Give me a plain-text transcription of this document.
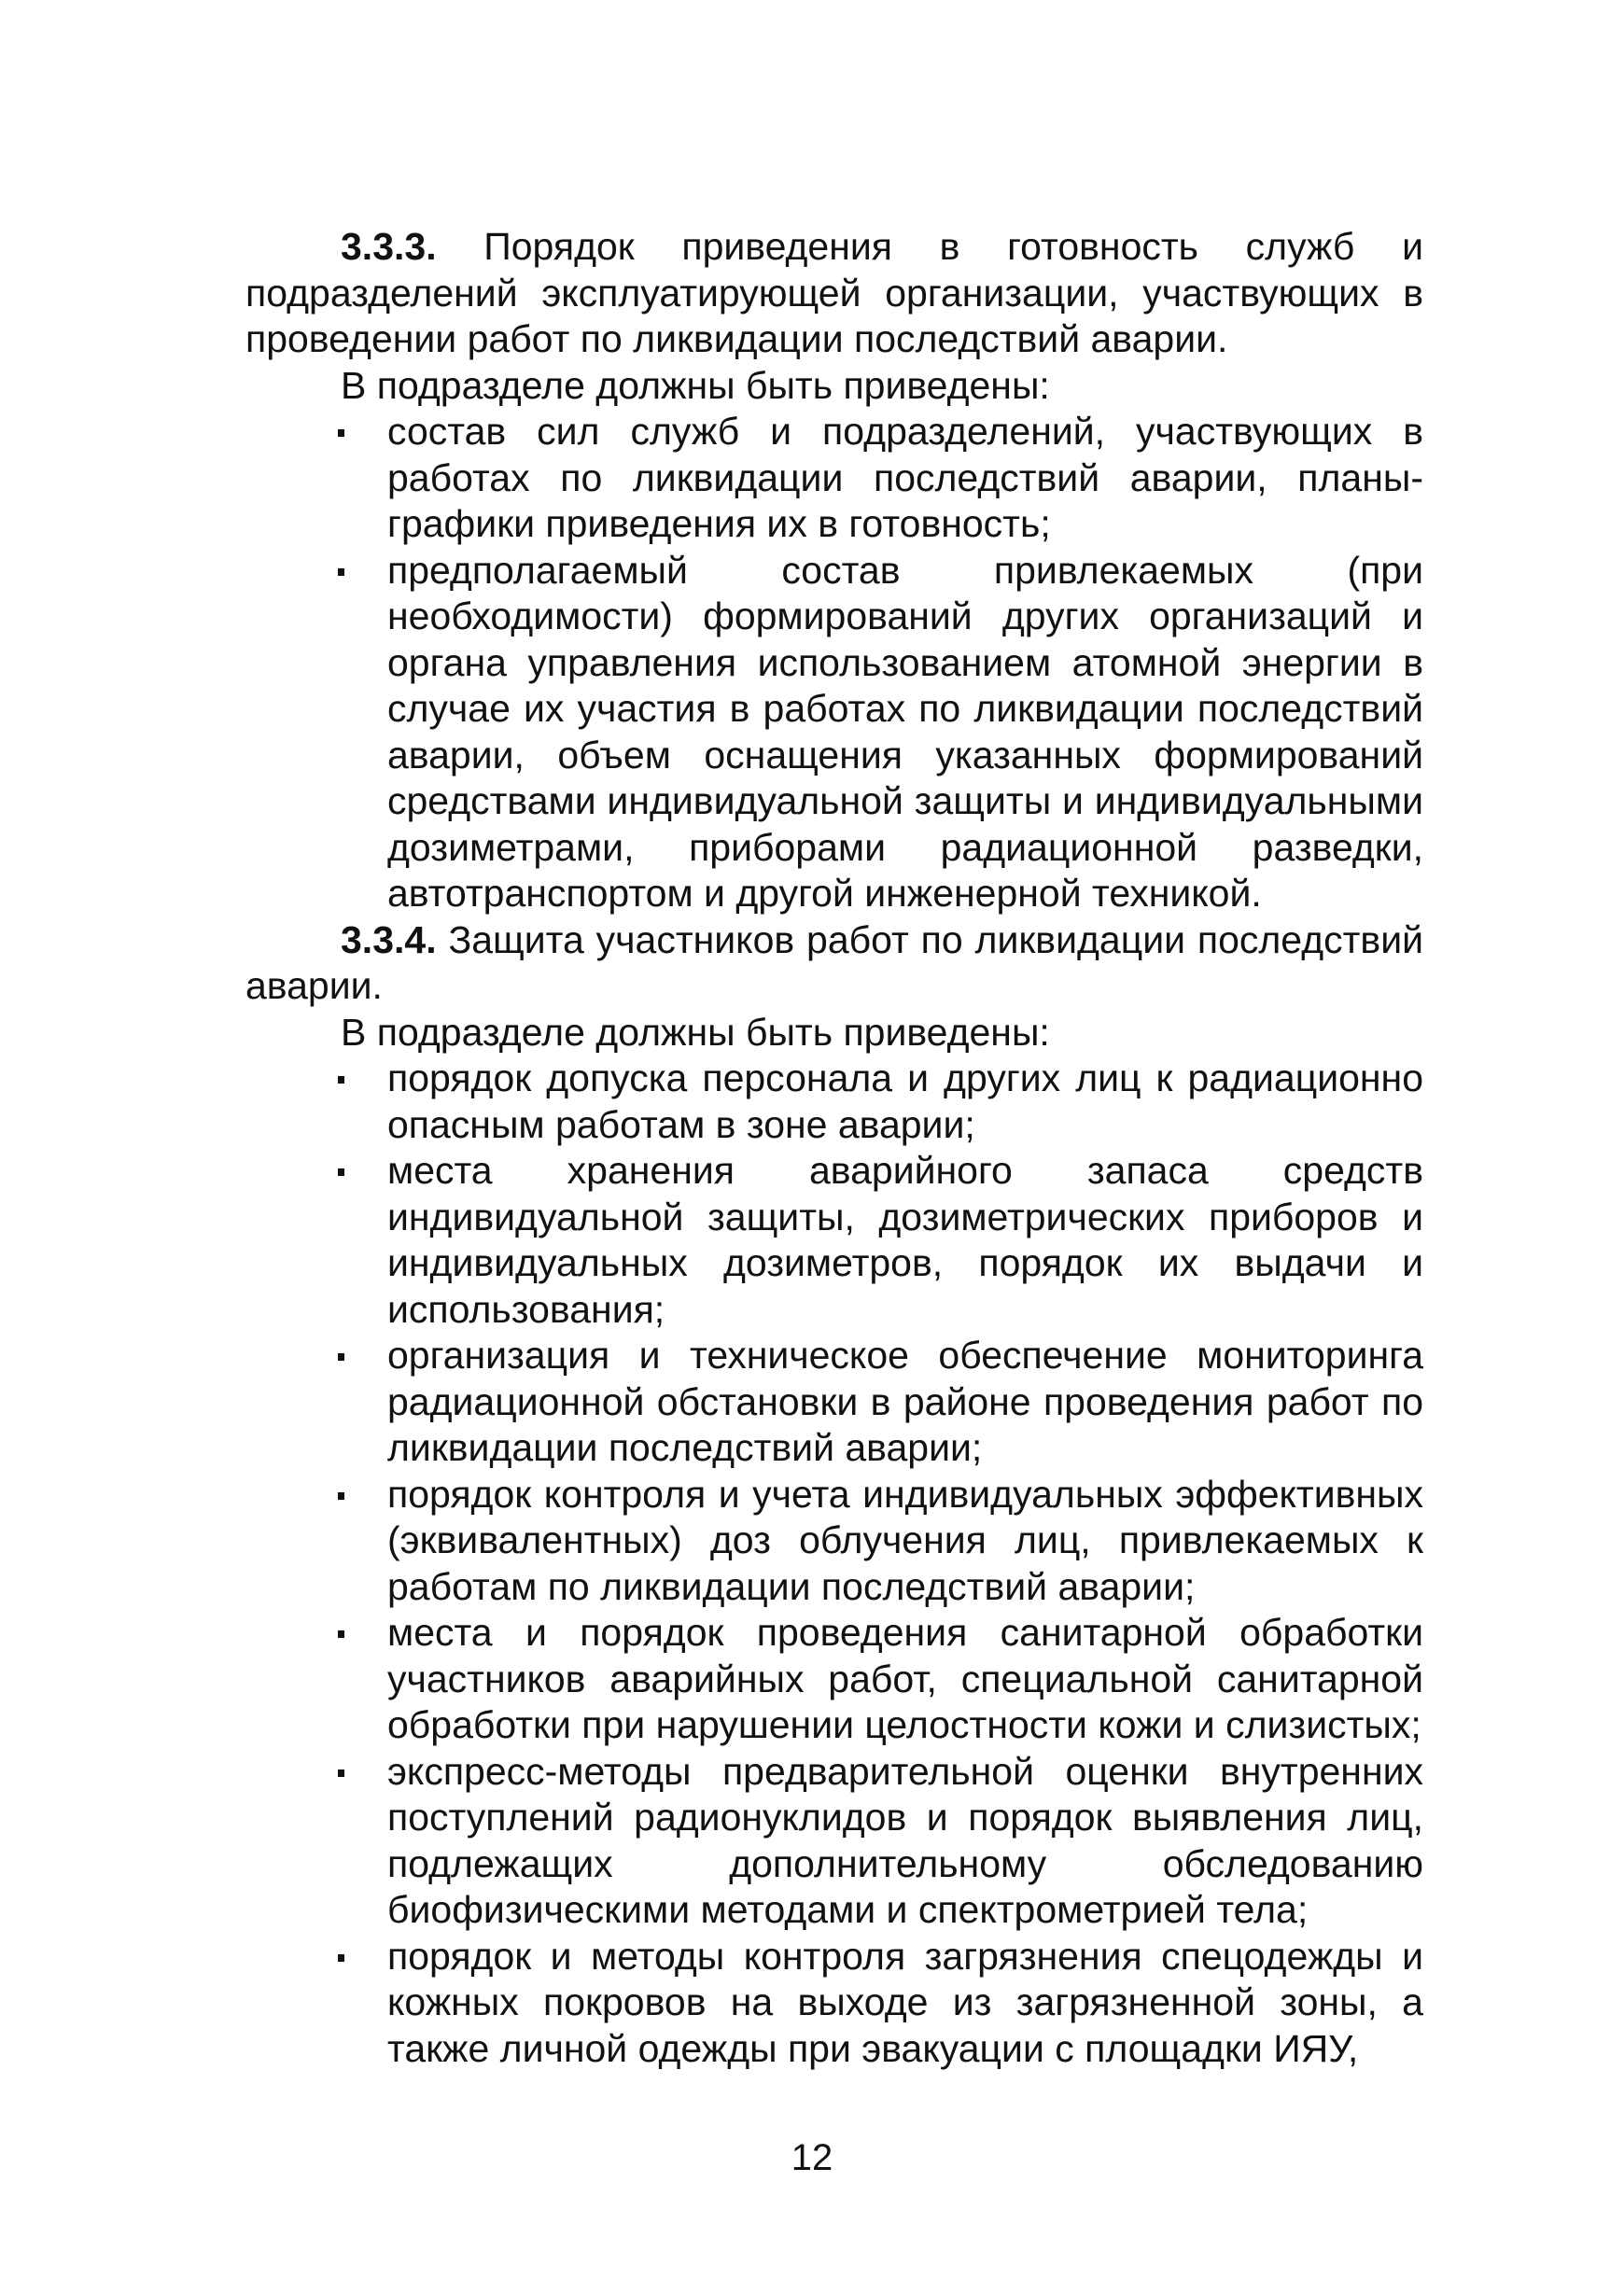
3.3.3. Порядок приведения в готовность служб и подразделений эксплуатирующей организации, участвующих в проведении работ по ликвидации последствий аварии.

В подразделе должны быть приведены:

состав сил служб и подразделений, участвующих в работах по ликвидации последствий аварии, планы-графики приведения их в готовность;
предполагаемый состав привлекаемых (при необходимости) формирований других организаций и органа управления использованием атомной энергии в случае их участия в работах по ликвидации последствий аварии, объем оснащения указанных формирований средствами индивидуальной защиты и индивидуальными дозиметрами, приборами радиационной разведки, автотранспортом и другой инженерной техникой.

3.3.4. Защита участников работ по ликвидации последствий аварии.

В подразделе должны быть приведены:

порядок допуска персонала и других лиц к радиационно опасным работам в зоне аварии;
места хранения аварийного запаса средств индивидуальной защиты, дозиметрических приборов и индивидуальных дозиметров, порядок их выдачи и использования;
организация и техническое обеспечение мониторинга радиационной обстановки в районе проведения работ по ликвидации последствий аварии;
порядок контроля и учета индивидуальных эффективных (эквивалентных) доз облучения лиц, привлекаемых к работам по ликвидации последствий аварии;
места и порядок проведения санитарной обработки участников аварийных работ, специальной санитарной обработки при нарушении целостности кожи и слизистых;
экспресс-методы предварительной оценки внутренних поступлений радионуклидов и порядок выявления лиц, подлежащих дополнительному обследованию биофизическими методами и спектрометрией тела;
порядок и методы контроля загрязнения спецодежды и кожных покровов на выходе из загрязненной зоны, а также личной одежды при эвакуации с площадки ИЯУ,
12
